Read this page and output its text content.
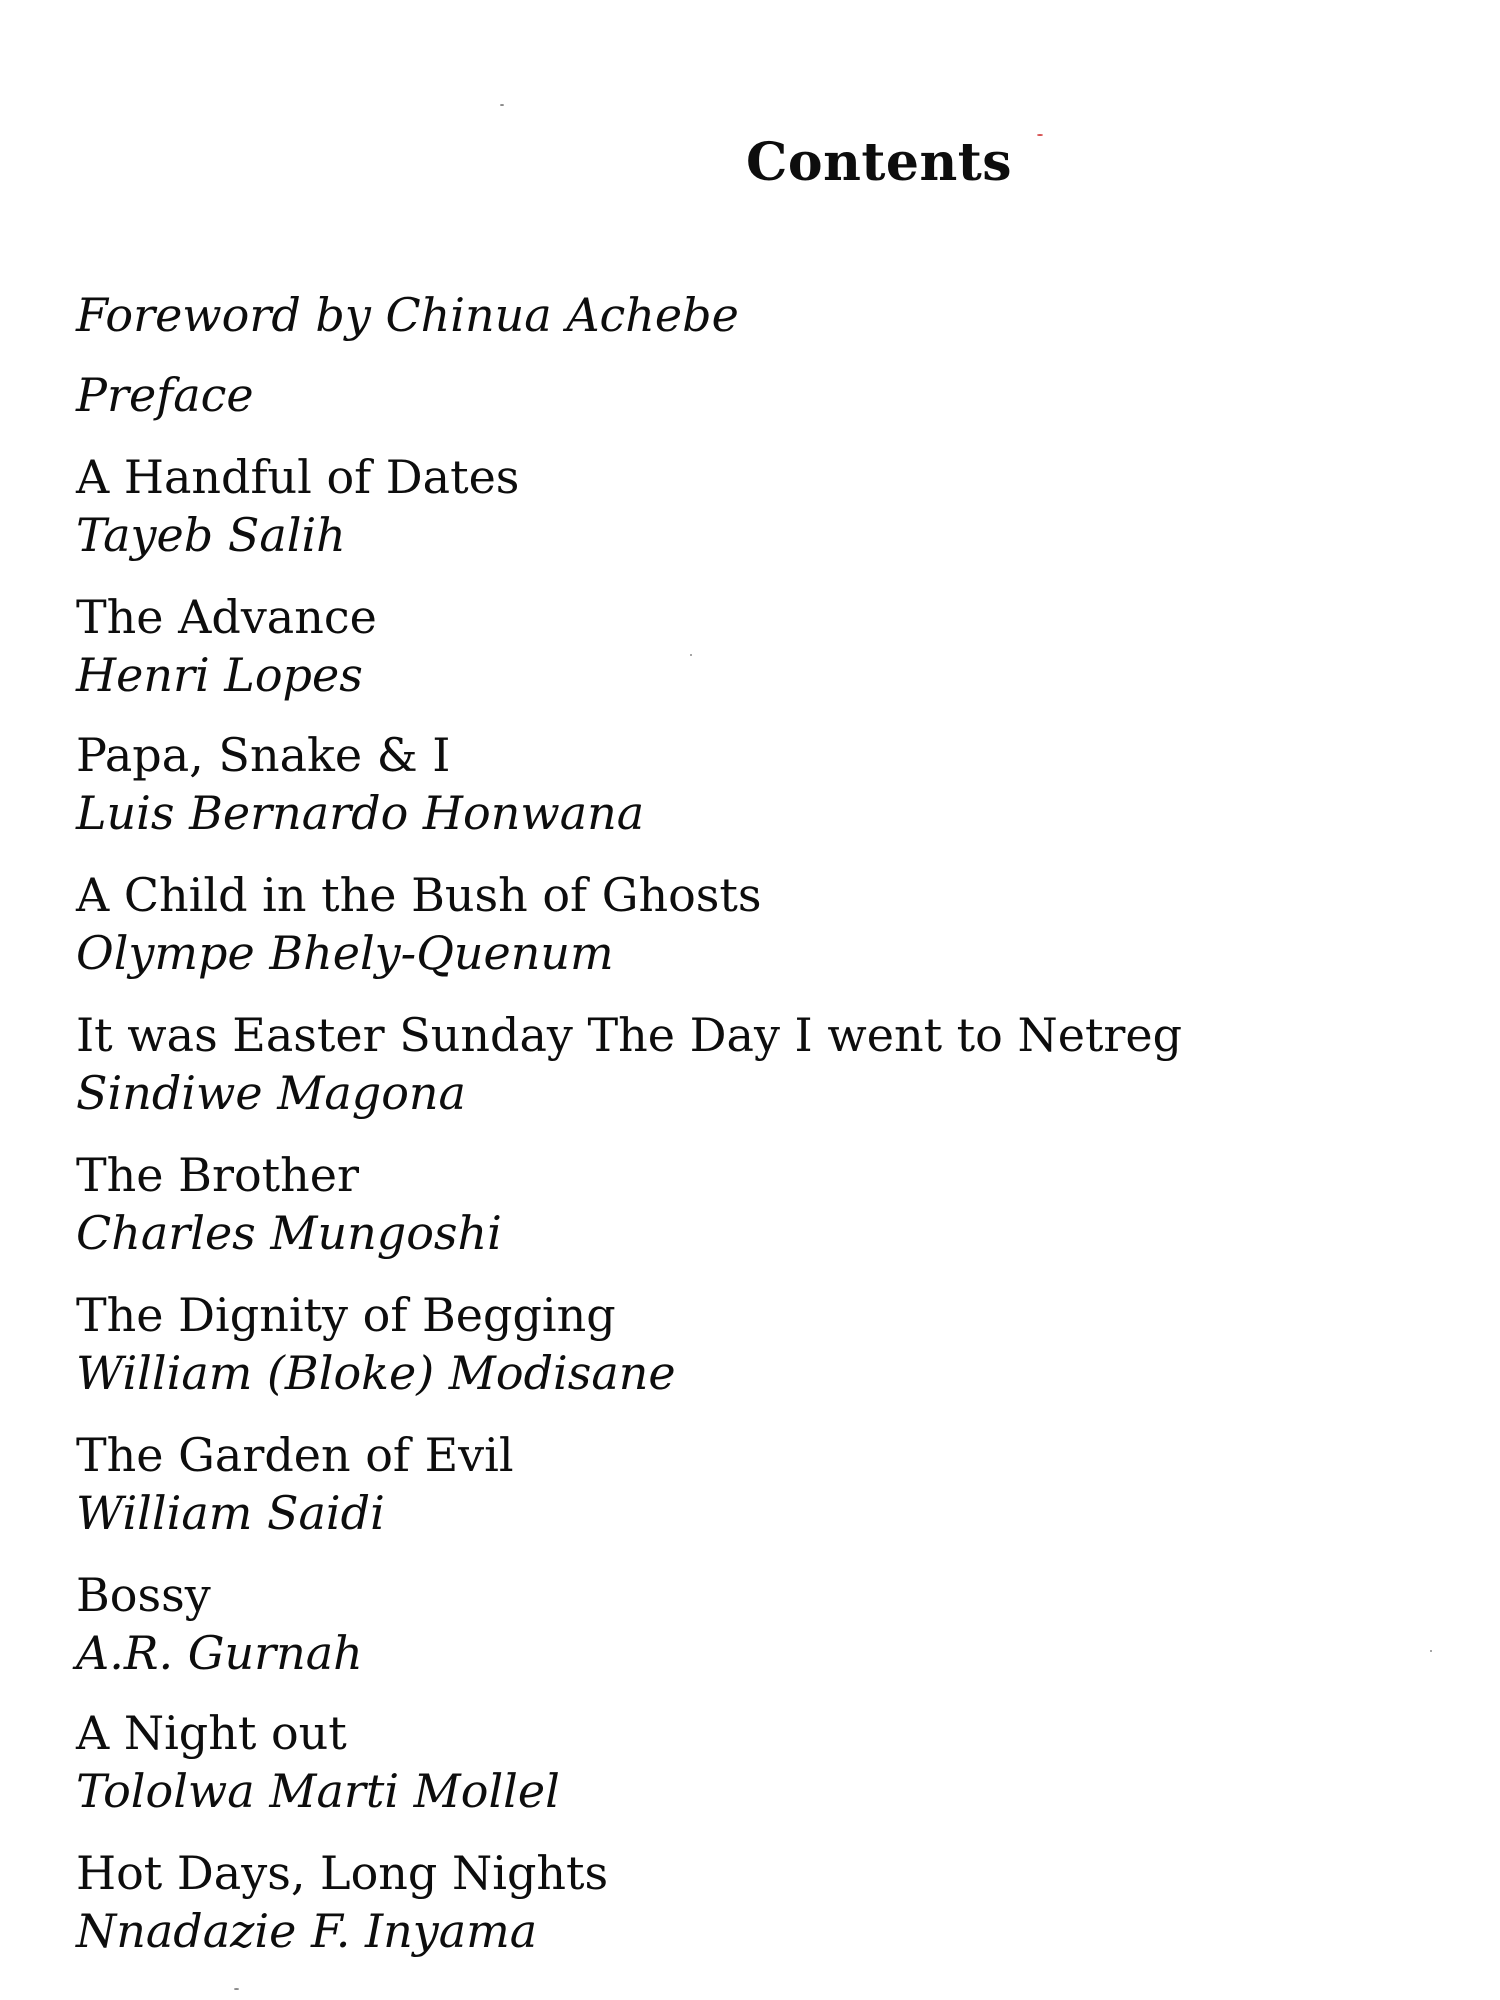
Contents
Foreword by Chinua Achebe
Preface
A Handful of Dates
Tayeb Salih
The Advance
Henri Lopes
Papa, Snake & I
Luis Bernardo Honwana
A Child in the Bush of Ghosts
Olympe Bhely-Quenum
It was Easter Sunday The Day I went to Netreg
Sindiwe Magona
The Brother
Charles Mungoshi
The Dignity of Begging
William (Bloke) Modisane
The Garden of Evil
William Saidi
Bossy
A.R. Gurnah
A Night out
Tololwa Marti Mollel
Hot Days, Long Nights
Nnadazie F. Inyama
